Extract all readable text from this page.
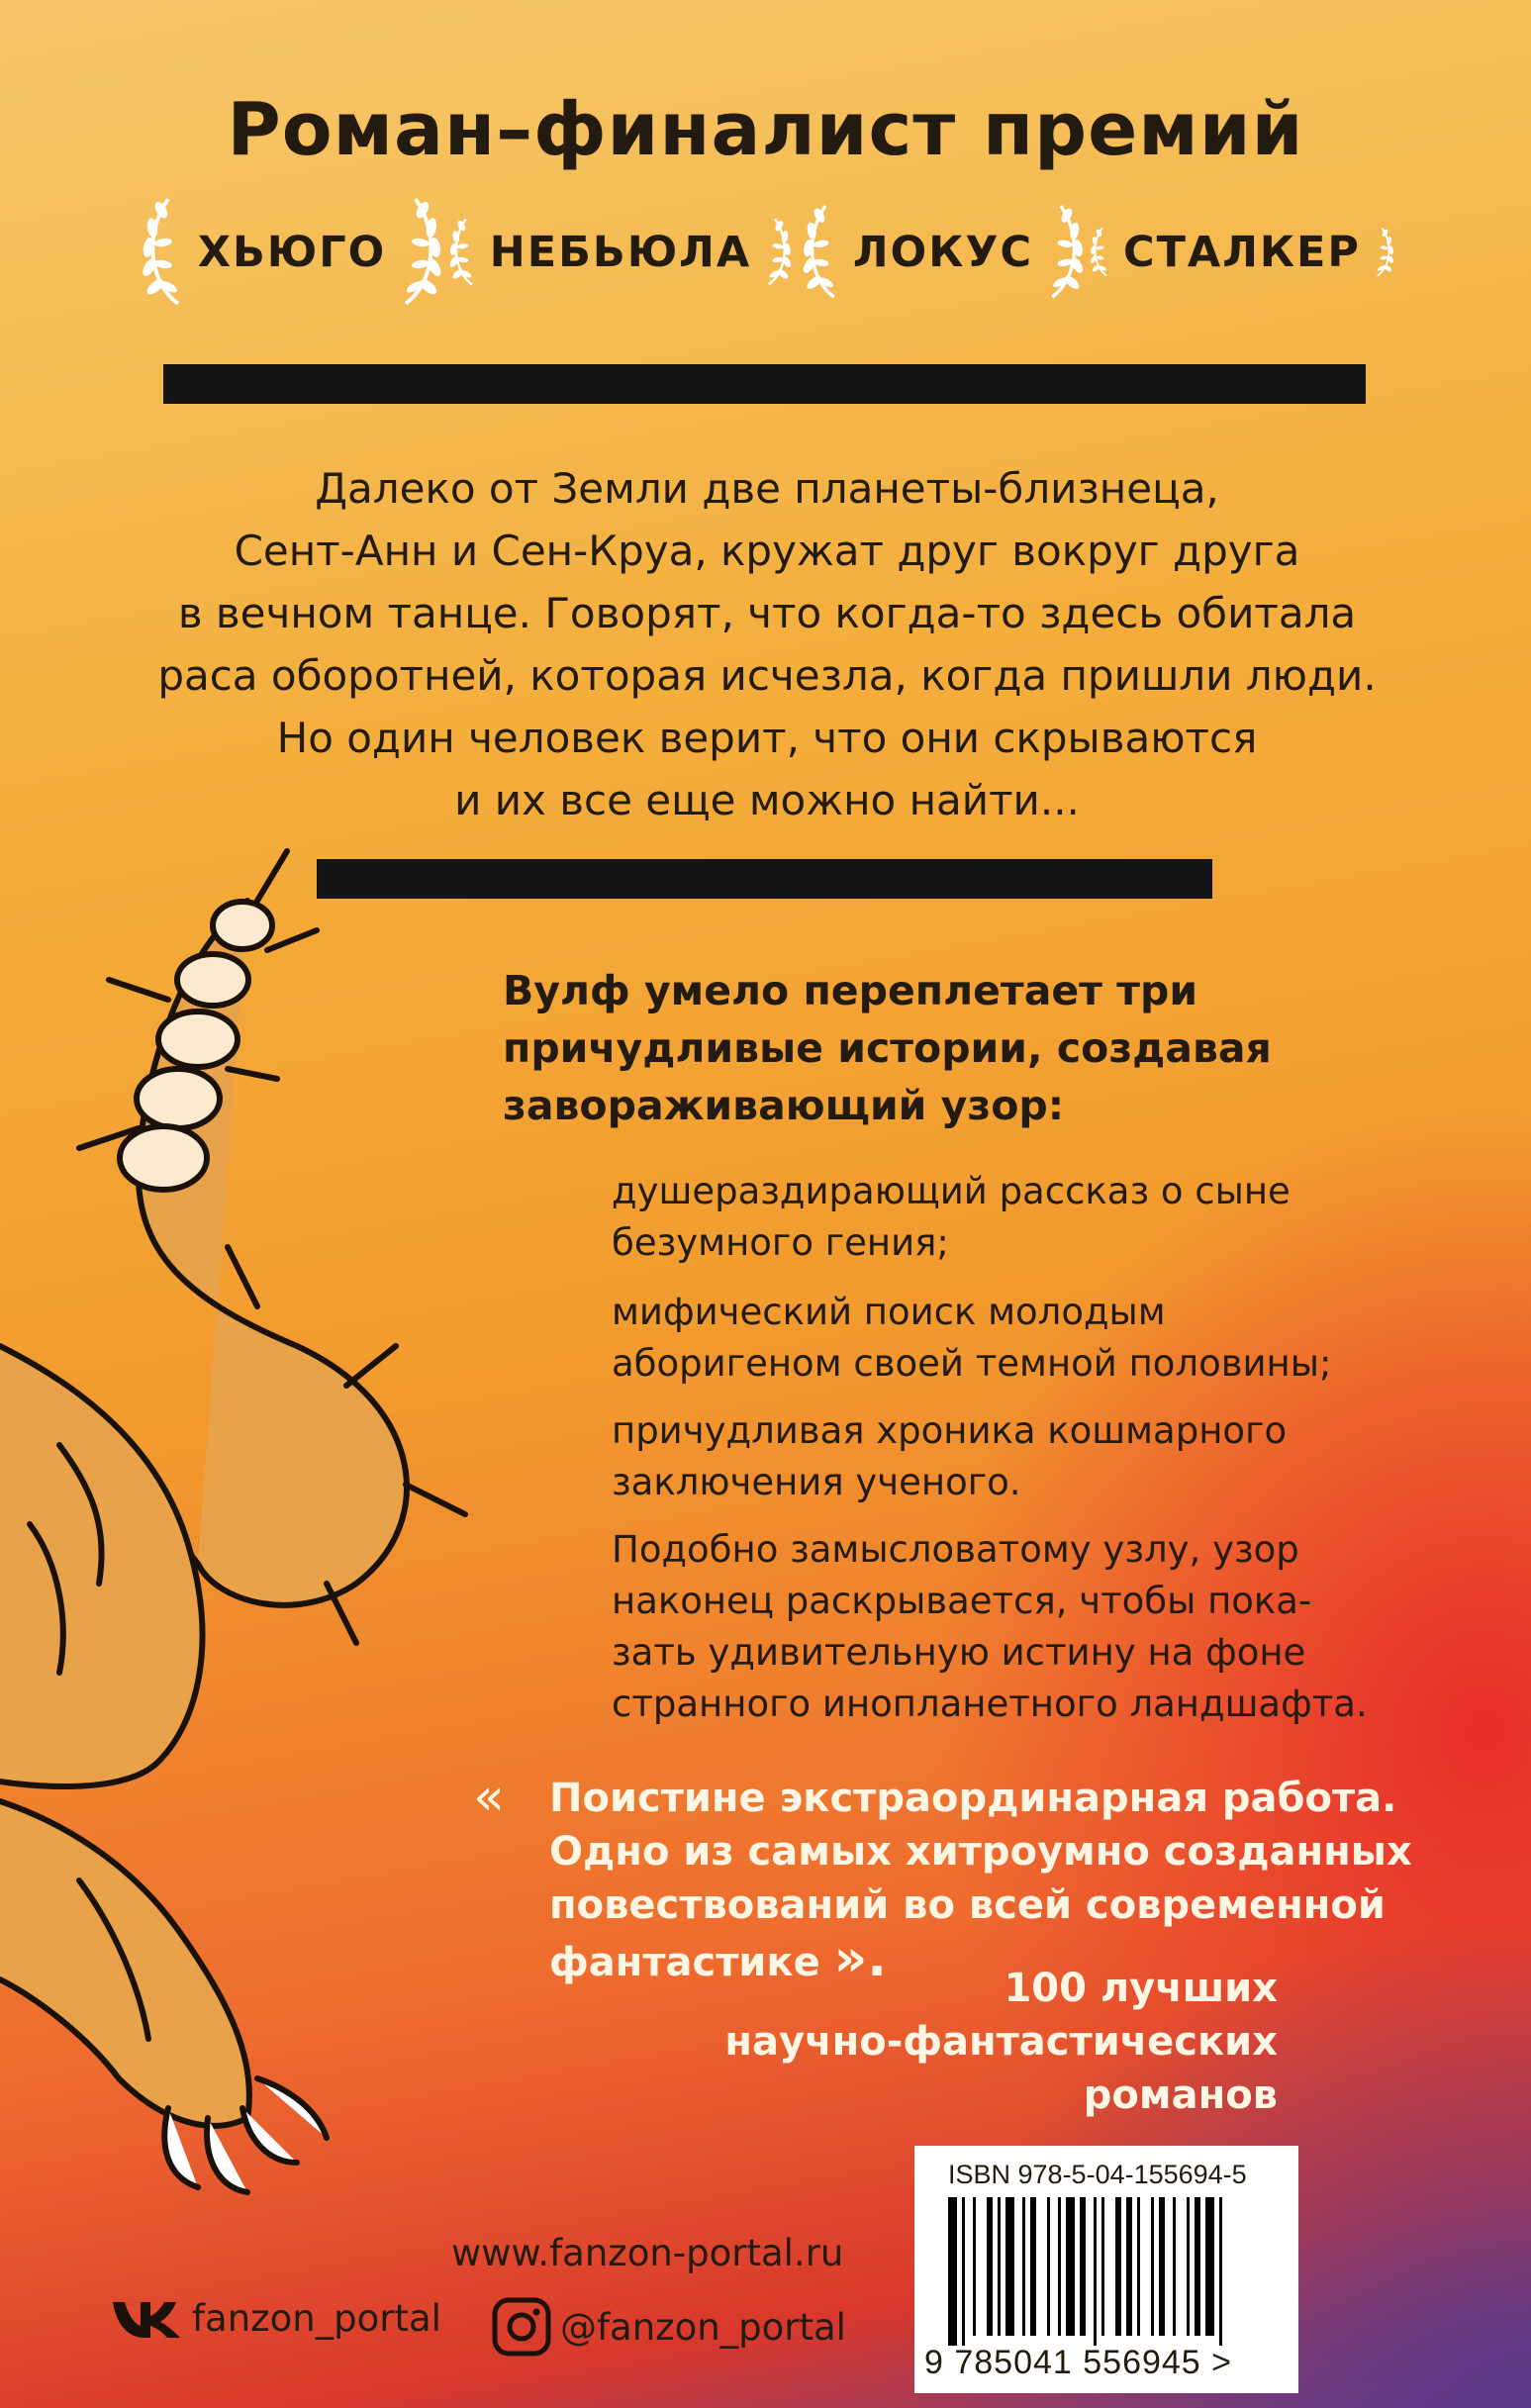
Роман–финалист премий
ХЬЮГО	НЕБЬЮЛА	ЛОКУС	СТАЛКЕР
Далеко от Земли две планеты-близнеца,
Сент-Анн и Сен-Круа, кружат друг вокруг друга
в вечном танце. Говорят, что когда-то здесь обитала
раса оборотней, которая исчезла, когда пришли люди.
Но один человек верит, что они скрываются
и их все еще можно найти...
Вулф умело переплетает три
причудливые истории, создавая
завораживающий узор:
душераздирающий рассказ о сыне
безумного гения;
мифический поиск молодым
аборигеном своей темной половины;
причудливая хроника кошмарного
заключения ученого.
Подобно замысловатому узлу, узор
наконец раскрывается, чтобы пока-
зать удивительную истину на фоне
странного инопланетного ландшафта.
« Поистине экстраординарная работа.
Одно из самых хитроумно созданных
повествований во всей современной
фантастике ».	100 лучших
научно-фантастических
романов
www.fanzon-portal.ru
fanzon_portal	@fanzon_portal
ISBN 978-5-04-155694-5
9 785041 556945 >
